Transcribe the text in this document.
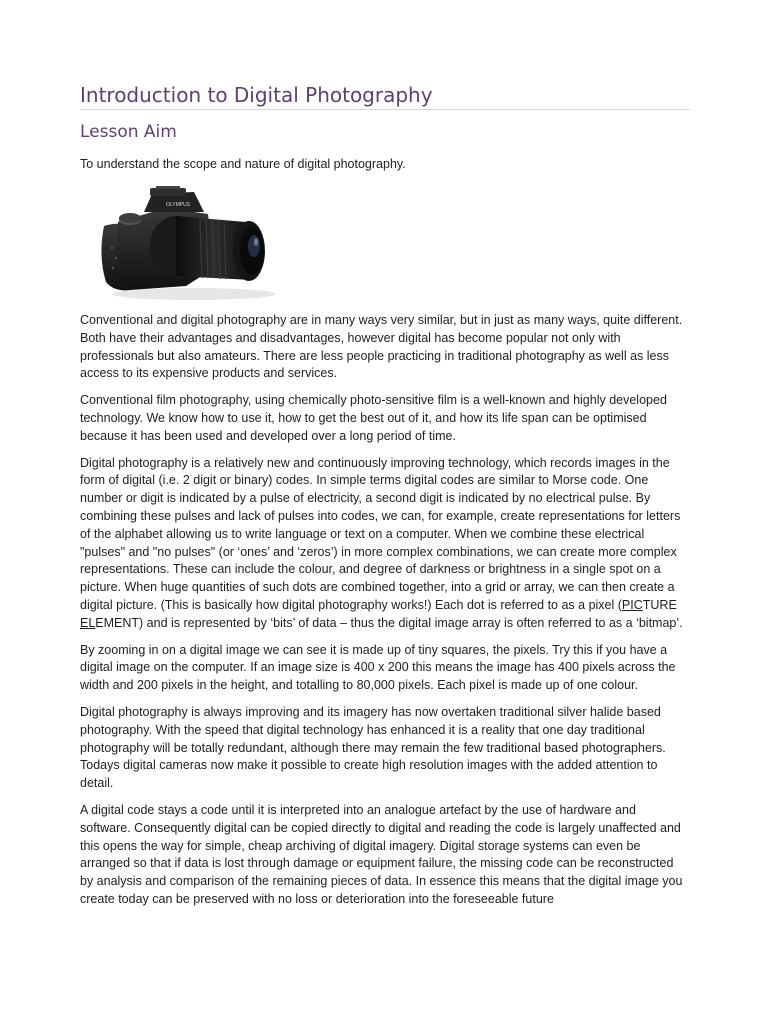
Introduction to Digital Photography
Lesson Aim

To understand the scope and nature of digital photography.

OLYMPUS

Conventional and digital photography are in many ways very similar, but in just as many ways, quite different. Both have their advantages and disadvantages, however digital has become popular not only with professionals but also amateurs. There are less people practicing in traditional photography as well as less access to its expensive products and services.

Conventional film photography, using chemically photo-sensitive film is a well-known and highly developed technology. We know how to use it, how to get the best out of it, and how its life span can be optimised because it has been used and developed over a long period of time.

Digital photography is a relatively new and continuously improving technology, which records images in the form of digital (i.e. 2 digit or binary) codes. In simple terms digital codes are similar to Morse code. One number or digit is indicated by a pulse of electricity, a second digit is indicated by no electrical pulse. By combining these pulses and lack of pulses into codes, we can, for example, create representations for letters of the alphabet allowing us to write language or text on a computer. When we combine these electrical "pulses" and "no pulses" (or ‘ones’ and ‘zeros’) in more complex combinations, we can create more complex representations. These can include the colour, and degree of darkness or brightness in a single spot on a picture. When huge quantities of such dots are combined together, into a grid or array, we can then create a digital picture. (This is basically how digital photography works!) Each dot is referred to as a pixel (PICTURE ELEMENT) and is represented by ‘bits’ of data – thus the digital image array is often referred to as a ‘bitmap’.

By zooming in on a digital image we can see it is made up of tiny squares, the pixels. Try this if you have a digital image on the computer. If an image size is 400 x 200 this means the image has 400 pixels across the width and 200 pixels in the height, and totalling to 80,000 pixels. Each pixel is made up of one colour.

Digital photography is always improving and its imagery has now overtaken traditional silver halide based photography. With the speed that digital technology has enhanced it is a reality that one day traditional photography will be totally redundant, although there may remain the few traditional based photographers. Todays digital cameras now make it possible to create high resolution images with the added attention to detail.

A digital code stays a code until it is interpreted into an analogue artefact by the use of hardware and software. Consequently digital can be copied directly to digital and reading the code is largely unaffected and this opens the way for simple, cheap archiving of digital imagery. Digital storage systems can even be arranged so that if data is lost through damage or equipment failure, the missing code can be reconstructed by analysis and comparison of the remaining pieces of data. In essence this means that the digital image you create today can be preserved with no loss or deterioration into the foreseeable future
